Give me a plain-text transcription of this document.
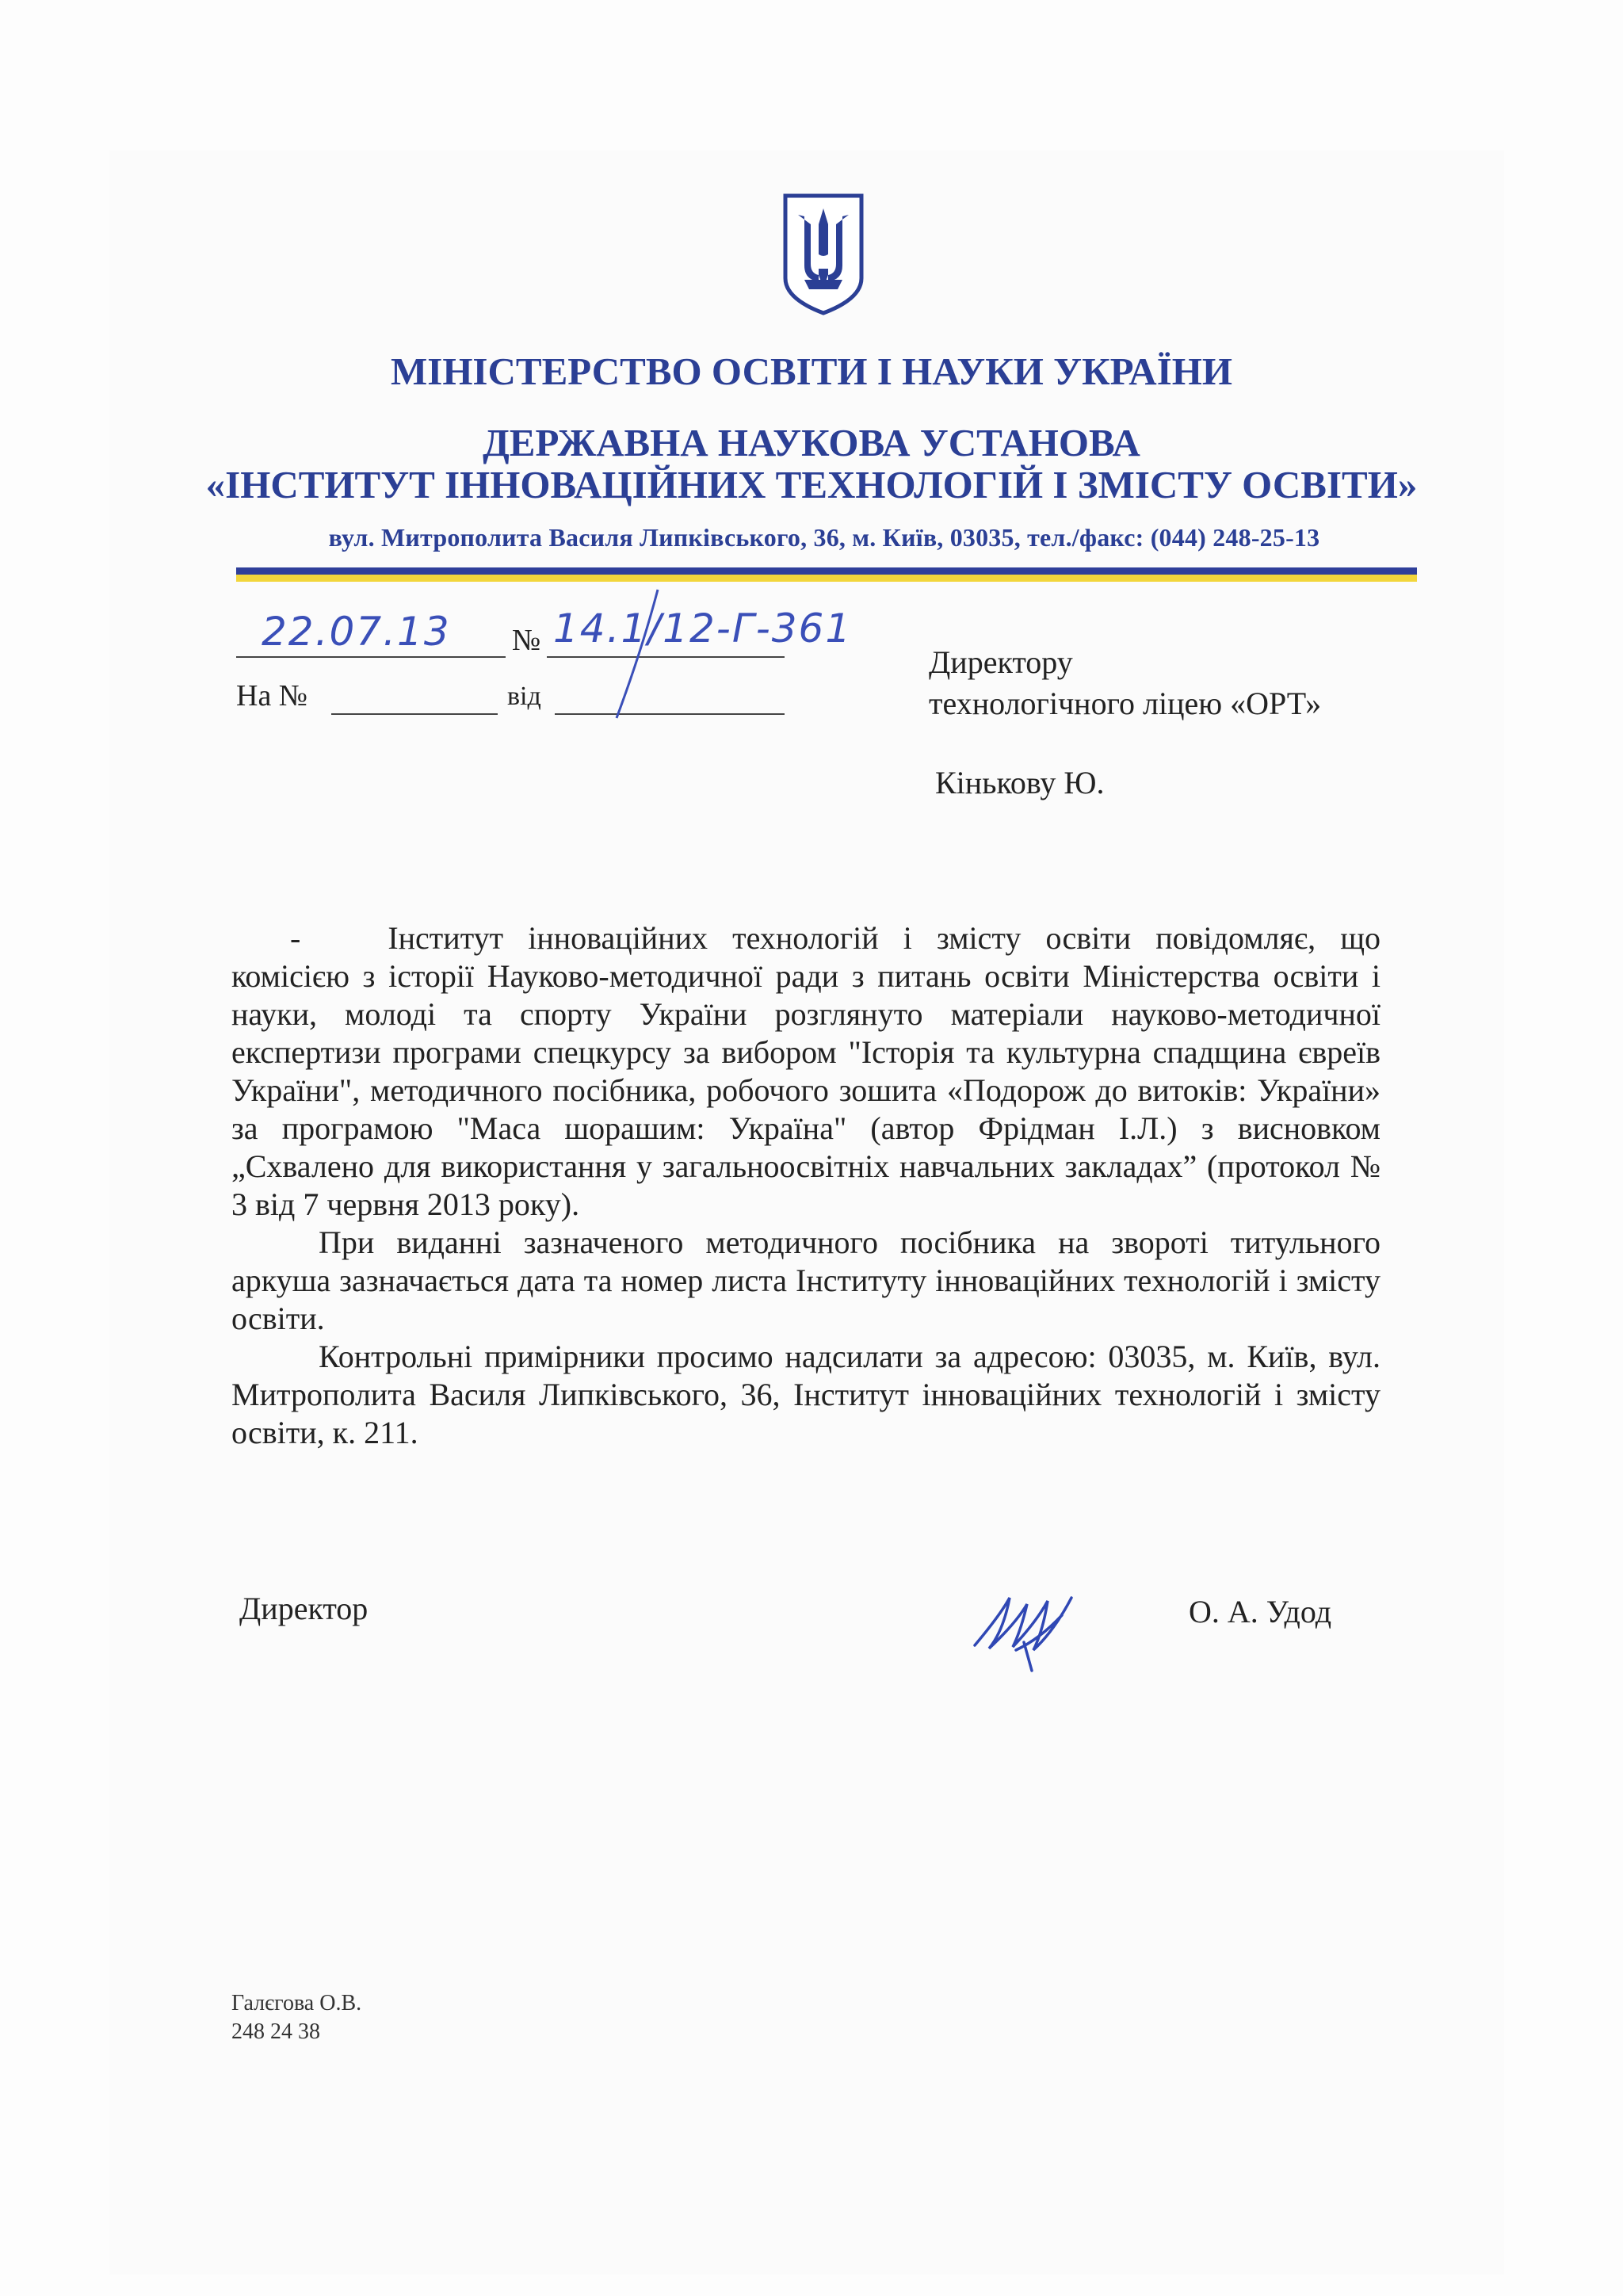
МІНІСТЕРСТВО ОСВІТИ І НАУКИ УКРАЇНИ
ДЕРЖАВНА НАУКОВА УСТАНОВА
«ІНСТИТУТ ІННОВАЦІЙНИХ ТЕХНОЛОГІЙ І ЗМІСТУ ОСВІТИ»
вул. Митрополита Василя Липківського, 36, м. Київ, 03035, тел./факс: (044) 248-25-13
22.07.13 № 14.1/12-Г-361
На №	від
Директору
технологічного ліцею «ОРТ»
Кінькову Ю.

-	Інститут інноваційних технологій і змісту освіти повідомляє, що комісією з історії Науково-методичної ради з питань освіти Міністерства освіти і науки, молоді та спорту України розглянуто матеріали науково-методичної експертизи програми спецкурсу за вибором "Історія та культурна спадщина євреїв України", методичного посібника, робочого зошита «Подорож до витоків: України» за програмою "Маса шорашим: Україна" (автор Фрідман І.Л.) з висновком „Схвалено для використання у загальноосвітніх навчальних закладах” (протокол № 3 від 7 червня 2013 року).

При виданні зазначеного методичного посібника на звороті титульного аркуша зазначається дата та номер листа Інституту інноваційних технологій і змісту освіти.

Контрольні примірники просимо надсилати за адресою: 03035, м. Київ, вул. Митрополита Василя Липківського, 36, Інститут інноваційних технологій і змісту освіти, к. 211.

Директор	О. А. Удод
Галєгова О.В.
248 24 38
